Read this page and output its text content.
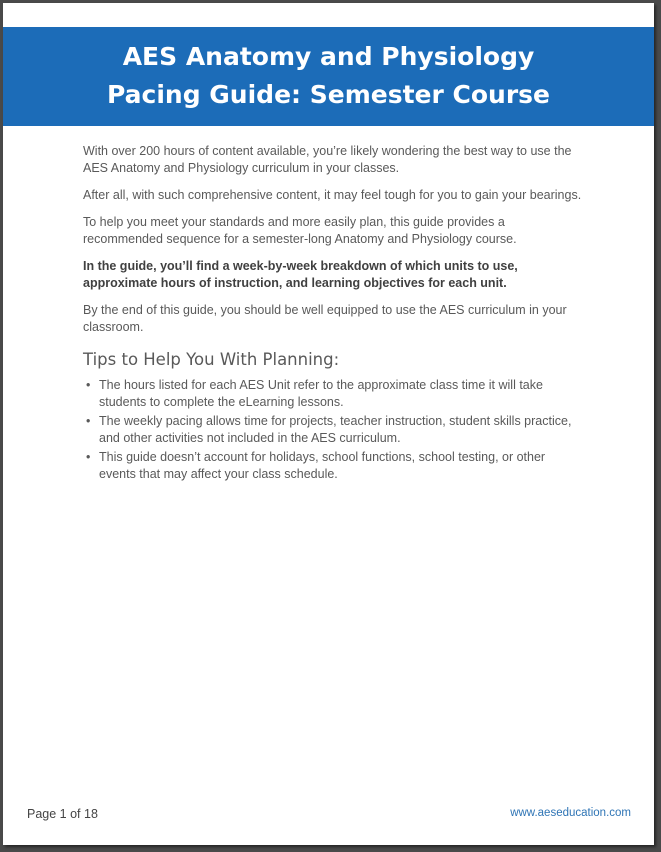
AES Anatomy and Physiology
Pacing Guide: Semester Course

With over 200 hours of content available, you’re likely wondering the best way to use the AES Anatomy and Physiology curriculum in your classes.

After all, with such comprehensive content, it may feel tough for you to gain your bearings.

To help you meet your standards and more easily plan, this guide provides a recommended sequence for a semester-long Anatomy and Physiology course.

In the guide, you’ll find a week-by-week breakdown of which units to use, approximate hours of instruction, and learning objectives for each unit.

By the end of this guide, you should be well equipped to use the AES curriculum in your classroom.

Tips to Help You With Planning:
• The hours listed for each AES Unit refer to the approximate class time it will take students to complete the eLearning lessons.
• The weekly pacing allows time for projects, teacher instruction, student skills practice, and other activities not included in the AES curriculum.
• This guide doesn’t account for holidays, school functions, school testing, or other events that may affect your class schedule.
Page 1 of 18	www.aeseducation.com
